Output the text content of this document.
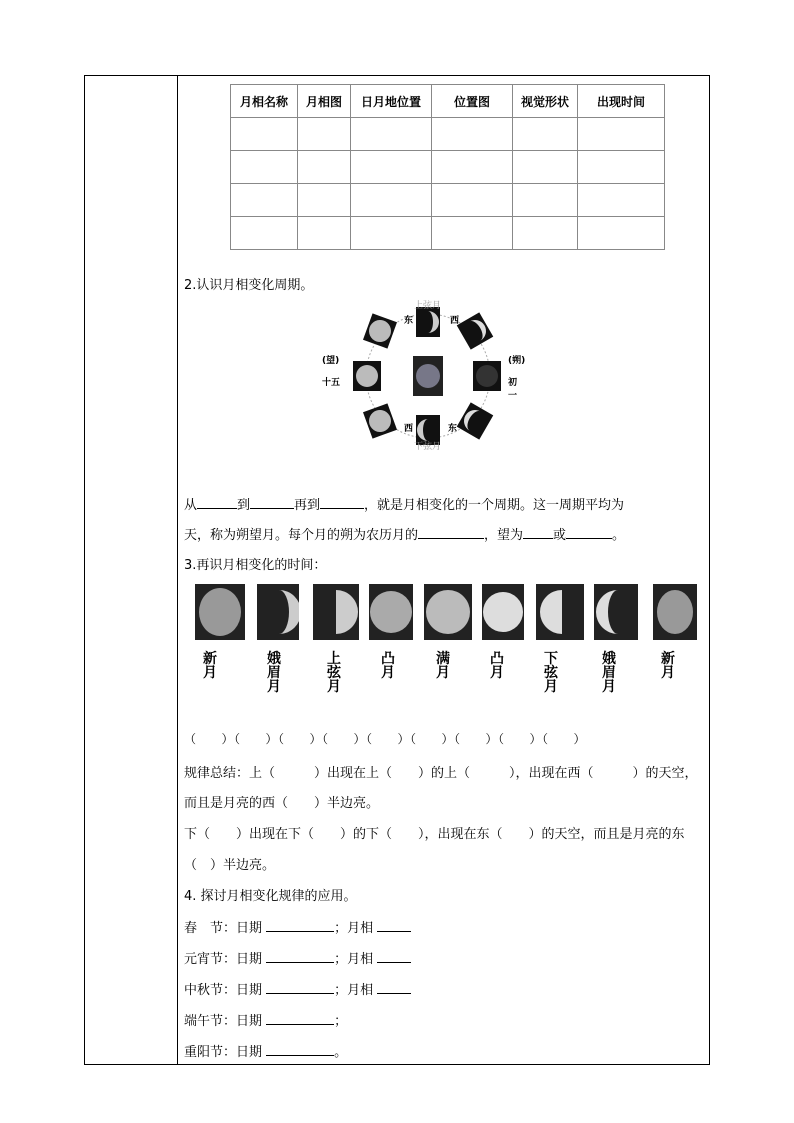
月相名称	月相图	日月地位置	位置图	视觉形状	出现时间

2.认识月相变化周期。
上弦月
东	西
(望)
十五
(朔)
初一
西	东
下弦月
从	到	再到	，就是月相变化的一个周期。这一周期平均为
天，称为朔望月。每个月的朔为农历月的	，望为 或	。
3.再识月相变化的时间：
新
月
娥
眉
月
上
弦
月
凸
月
满
月
凸
月
下
弦
月
娥
眉
月
新
月
（　　）（　　）（　　）（　　）（　　）（　　）（　　）（　　）（　　）
规律总结：上（　　　）出现在上（　　）的上（　　　），出现在西（　　　）的天空，
而且是月亮的西（　　）半边亮。
下（　　）出现在下（　　）的下（　　），出现在东（　　）的天空，而且是月亮的东
（　）半边亮。
4. 探讨月相变化规律的应用。
春　节：日期	；月相
元宵节：日期	；月相
中秋节：日期	；月相
端午节：日期	；
重阳节：日期	。
